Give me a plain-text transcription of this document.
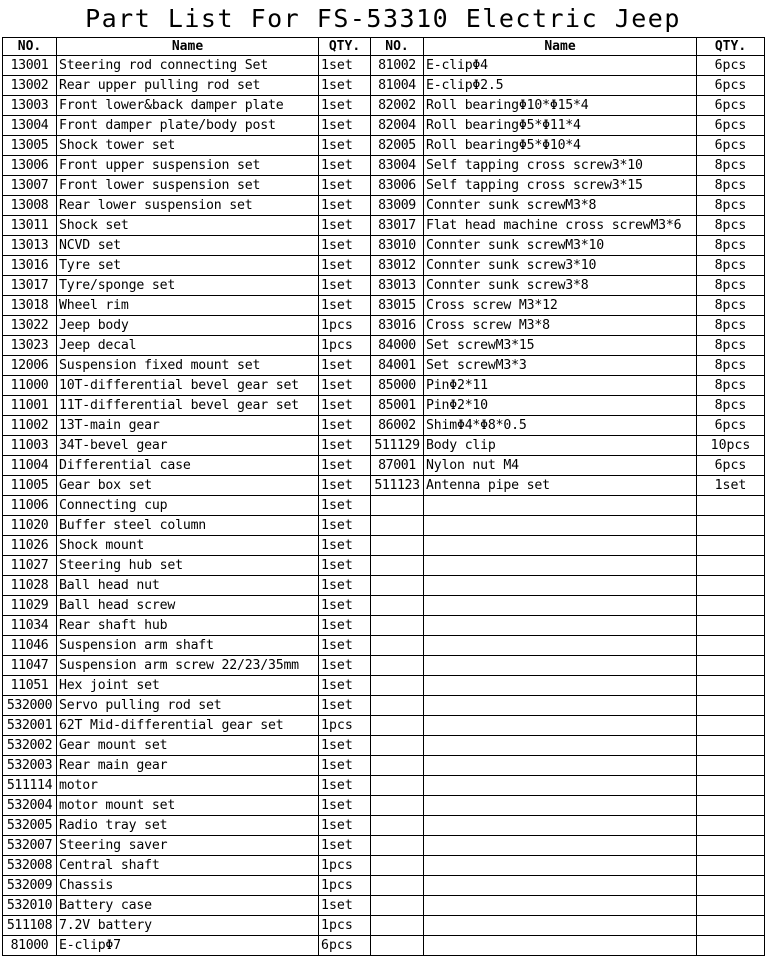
Part List For FS-53310 Electric Jeep
NO.	Name	QTY.	NO.	Name	QTY.
13001	Steering rod connecting Set	1set	81002	E-clipΦ4	6pcs
13002	Rear upper pulling rod set	1set	81004	E-clipΦ2.5	6pcs
13003	Front lower&back damper plate	1set	82002	Roll bearingΦ10*Φ15*4	6pcs
13004	Front damper plate/body post	1set	82004	Roll bearingΦ5*Φ11*4	6pcs
13005	Shock tower set	1set	82005	Roll bearingΦ5*Φ10*4	6pcs
13006	Front upper suspension set	1set	83004	Self tapping cross screw3*10	8pcs
13007	Front lower suspension set	1set	83006	Self tapping cross screw3*15	8pcs
13008	Rear lower suspension set	1set	83009	Connter sunk screwM3*8	8pcs
13011	Shock set	1set	83017	Flat head machine cross screwM3*6	8pcs
13013	NCVD set	1set	83010	Connter sunk screwM3*10	8pcs
13016	Tyre set	1set	83012	Connter sunk screw3*10	8pcs
13017	Tyre/sponge set	1set	83013	Connter sunk screw3*8	8pcs
13018	Wheel rim	1set	83015	Cross screw M3*12	8pcs
13022	Jeep body	1pcs	83016	Cross screw M3*8	8pcs
13023	Jeep decal	1pcs	84000	Set screwM3*15	8pcs
12006	Suspension fixed mount set	1set	84001	Set screwM3*3	8pcs
11000	10T-differential bevel gear set	1set	85000	PinΦ2*11	8pcs
11001	11T-differential bevel gear set	1set	85001	PinΦ2*10	8pcs
11002	13T-main gear	1set	86002	ShimΦ4*Φ8*0.5	6pcs
11003	34T-bevel gear	1set	511129	Body clip	10pcs
11004	Differential case	1set	87001	Nylon nut M4	6pcs
11005	Gear box set	1set	511123	Antenna pipe set	1set
11006	Connecting cup	1set			
11020	Buffer steel column	1set			
11026	Shock mount	1set			
11027	Steering hub set	1set			
11028	Ball head nut	1set			
11029	Ball head screw	1set			
11034	Rear shaft hub	1set			
11046	Suspension arm shaft	1set			
11047	Suspension arm screw 22/23/35mm	1set			
11051	Hex joint set	1set			
532000	Servo pulling rod set	1set			
532001	62T Mid-differential gear set	1pcs			
532002	Gear mount set	1set			
532003	Rear main gear	1set			
511114	motor	1set			
532004	motor mount set	1set			
532005	Radio tray set	1set			
532007	Steering saver	1set			
532008	Central shaft	1pcs			
532009	Chassis	1pcs			
532010	Battery case	1set			
511108	7.2V battery	1pcs			
81000	E-clipΦ7	6pcs			
